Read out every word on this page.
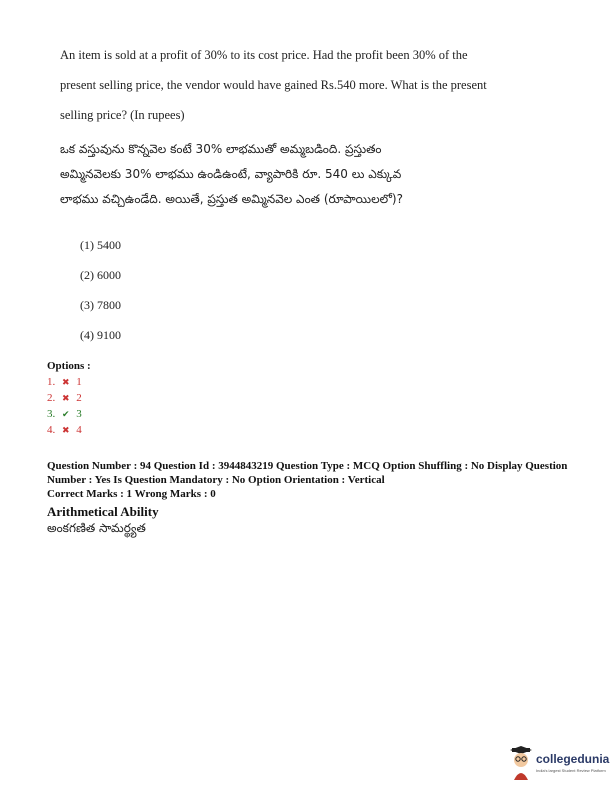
An item is sold at a profit of 30% to its cost price. Had the profit been 30% of the
present selling price, the vendor would have gained Rs.540 more. What is the present
selling price? (In rupees)
ఒక వస్తువును కొన్నవెల కంటే 30% లాభముతో అమ్మబడింది. ప్రస్తుతం
అమ్మినవెలకు 30% లాభము ఉండిఉంటే, వ్యాపారికి రూ. 540 లు ఎక్కువ
లాభము వచ్చిఉండేది. అయితే, ప్రస్తుత అమ్మినవెల ఎంత (రూపాయిలలో)?
(1) 5400
(2) 6000
(3) 7800
(4) 9100
Options :
1. ✖ 1
2. ✖ 2
3. ✔ 3
4. ✖ 4
Question Number : 94 Question Id : 3944843219 Question Type : MCQ Option Shuffling : No Display Question
Number : Yes Is Question Mandatory : No Option Orientation : Vertical
Correct Marks : 1 Wrong Marks : 0
Arithmetical Ability
అంకగణిత సామర్థ్యత
collegedunia
India's largest Student Review Platform
